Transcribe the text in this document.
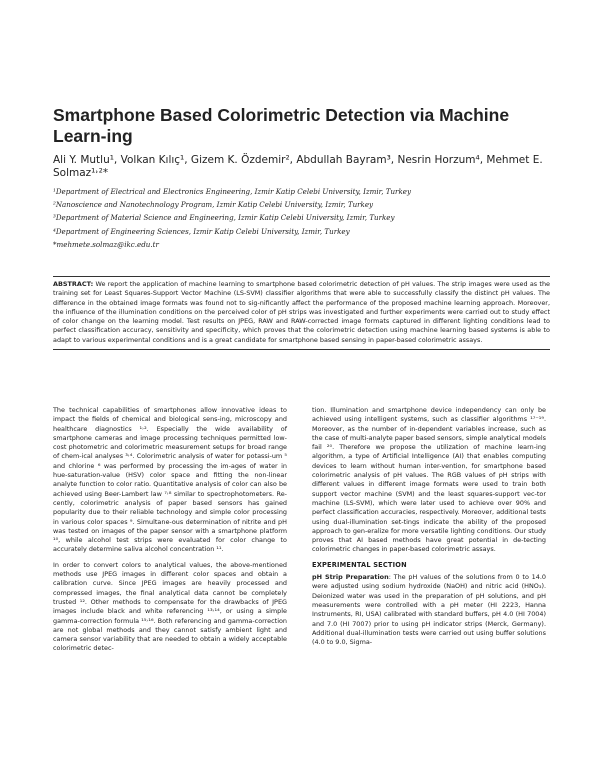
Smartphone Based Colorimetric Detection via Machine Learn-ing
Ali Y. Mutlu¹, Volkan Kılıç¹, Gizem K. Özdemir², Abdullah Bayram³, Nesrin Horzum⁴, Mehmet E. Solmaz¹˒²*
¹Department of Electrical and Electronics Engineering, Izmir Katip Celebi University, Izmir, Turkey
²Nanoscience and Nanotechnology Program, Izmir Katip Celebi University, Izmir, Turkey
³Department of Material Science and Engineering, Izmir Katip Celebi University, Izmir, Turkey
⁴Department of Engineering Sciences, Izmir Katip Celebi University, Izmir, Turkey
*mehmete.solmaz@ikc.edu.tr
ABSTRACT: We report the application of machine learning to smartphone based colorimetric detection of pH values. The strip images were used as the training set for Least Squares-Support Vector Machine (LS-SVM) classifier algorithms that were able to successfully classify the distinct pH values. The difference in the obtained image formats was found not to sig-nificantly affect the performance of the proposed machine learning approach. Moreover, the influence of the illumination conditions on the perceived color of pH strips was investigated and further experiments were carried out to study effect of color change on the learning model. Test results on JPEG, RAW and RAW-corrected image formats captured in different lighting conditions lead to perfect classification accuracy, sensitivity and specificity, which proves that the colorimetric detection using machine learning based systems is able to adapt to various experimental conditions and is a great candidate for smartphone based sensing in paper-based colorimetric assays.

The technical capabilities of smartphones allow innovative ideas to impact the fields of chemical and biological sens-ing, microscopy and healthcare diagnostics ¹˒². Especially the wide availability of smartphone cameras and image processing techniques permitted low-cost photometric and colorimetric measurement setups for broad range of chem-ical analyses ³˒⁴. Colorimetric analysis of water for potassi-um ⁵ and chlorine ⁶ was performed by processing the im-ages of water in hue-saturation-value (HSV) color space and fitting the non-linear analyte function to color ratio. Quantitative analysis of color can also be achieved using Beer-Lambert law ⁷˒⁸ similar to spectrophotometers. Re-cently, colorimetric analysis of paper based sensors has gained popularity due to their reliable technology and simple color processing in various color spaces ⁹. Simultane-ous determination of nitrite and pH was tested on images of the paper sensor with a smartphone platform ¹⁰, while alcohol test strips were evaluated for color change to accurately determine saliva alcohol concentration ¹¹.

In order to convert colors to analytical values, the above-mentioned methods use JPEG images in different color spaces and obtain a calibration curve. Since JPEG images are heavily processed and compressed images, the final analytical data cannot be completely trusted ¹². Other methods to compensate for the drawbacks of JPEG images include black and white referencing ¹³˒¹⁴, or using a simple gamma-correction formula ¹⁵˒¹⁶. Both referencing and gamma-correction are not global methods and they cannot satisfy ambient light and camera sensor variability that are needed to obtain a widely acceptable colorimetric detec-

tion. Illumination and smartphone device independency can only be achieved using intelligent systems, such as classifier algorithms ¹⁷⁻¹⁹. Moreover, as the number of in-dependent variables increase, such as the case of multi-analyte paper based sensors, simple analytical models fail ²⁰. Therefore we propose the utilization of machine learn-ing algorithm, a type of Artificial Intelligence (AI) that enables computing devices to learn without human inter-vention, for smartphone based colorimetric analysis of pH values. The RGB values of pH strips with different values in different image formats were used to train both support vector machine (SVM) and the least squares-support vec-tor machine (LS-SVM), which were later used to achieve over 90% and perfect classification accuracies, respectively. Moreover, additional tests using dual-illumination set-tings indicate the ability of the proposed approach to gen-eralize for more versatile lighting conditions. Our study proves that AI based methods have great potential in de-tecting colorimetric changes in paper-based colorimetric assays.

EXPERIMENTAL SECTION

pH Strip Preparation: The pH values of the solutions from 0 to 14.0 were adjusted using sodium hydroxide (NaOH) and nitric acid (HNO₃). Deionized water was used in the preparation of pH solutions, and pH measurements were controlled with a pH meter (HI 2223, Hanna Instruments, RI, USA) calibrated with standard buffers, pH 4.0 (HI 7004) and 7.0 (HI 7007) prior to using pH indicator strips (Merck, Germany). Additional dual-illumination tests were carried out using buffer solutions (4.0 to 9.0, Sigma-
